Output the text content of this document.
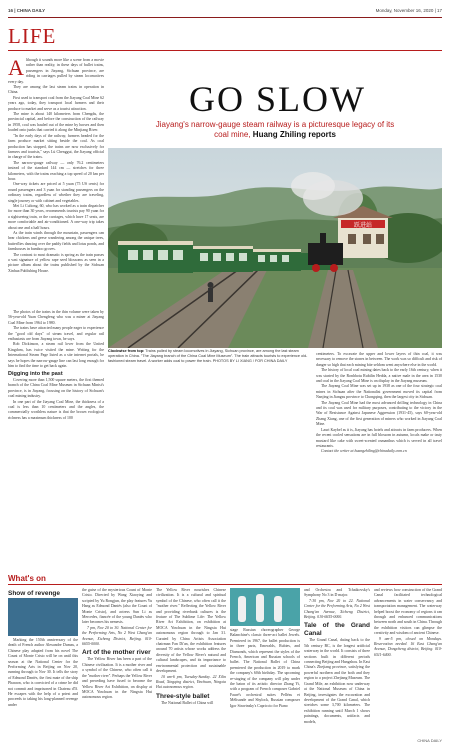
16 | CHINA DAILY	Monday, November 16, 2020 | 17
LIFE
A lthough it sounds more like a scene from a movie rather than reality, in these days of bullet trains, passengers in Jiayang, Sichuan province, are riding in carriages pulled by steam locomotives every day.

They are among the last steam trains in operation in China.

First used to transport coal from the Jiayang Coal Mine 62 years ago, today, they transport local farmers and their produce to market and serve as a tourist attraction.

The mine is about 140 kilometers from Chengdu, the provincial capital, and before the construction of the railway in 1958, coal was hauled out of the mine by horses and then loaded onto junks that carried it along the Minjiang River.

"In the early days of the railway, farmers headed for the farm produce market sitting beside the coal. As coal production has stopped, the trains are now exclusively for farmers and tourists," says Lü Chenggui, the Jiayang official in charge of the trains.

The narrow-gauge railway — only 76.2 centimeters instead of the standard 144 cm — stretches for three kilometers, with the trains reaching a top speed of 20 km per hour.

One-way tickets are priced at 5 yuan (75 US cents) for round passengers and 3 yuan for standing passengers on the ordinary trains, regardless of whether they are traveling, single journey or with cabinet and vegetables.

Mei Li Cultong, 60, who has worked as a train dispatcher for more than 30 years, recommends tourists pay 90 yuan for a sightseeing train, or the carriages, which have 17 seats, are more comfortable and air-conditioned. A one-way trip takes about one and a half hours.

As the train winds through the mountain, passengers can hear chickens and geese wandering among the unique trees, butterflies dancing over the paddy fields and lotus ponds, and farmhouses in bamboo groves.

The contrast to most dramatic is spring as the train passes a vast signature of yellow rape seed blossoms as seen in a picture album about the trains published by the Sichuan Xinhua Publishing House.

The photos of the trains in the thin volume were taken by 56-year-old Yuan Chengfeng who was a miner at Jiayang Coal Mine from 1964 to 1980.

The trains have attracted many people eager to experience the "good old days" of steam travel, and regular rail enthusiasts are from Jiayang town, he says.

Rob Dickinson, a steam rail lover from the United Kingdom, has twice visited the mine. Writing for the International Steam Page listed as a site internet portals, he says he hopes the narrow-gauge line can last long enough for him to find the time to get back again.

Digging into the past

Covering more than 1,500 square meters, the first themed branch of the China Coal Mine Museum in Sichuan Minist's province, is in Jiayang, focusing on the history of Sichuan's coal mining industry.

In one part of the Jiayang Coal Mine, the thickness of a coal is less than 10 centimeters and the angles, the commercially worthless nature is that the brown ecological richness has a maximum thickness of 100

GO SLOW
Jiayang's narrow-gauge steam railway is a picturesque legacy of its coal mine, Huang Zhiling reports
跃进站
Clockwise from top: Trains pulled by steam locomotives in Jiayang, Sichuan province, are among the last steam operation in China. "The Jiayang branch of the China Coal Mine Museum". The train attracts tourists to experience old-fashioned steam travel. A worker adds coal to power the train. PHOTOS BY LI XIANG / FOR CHINA DAILY

centimeters. To excavate the upper and lower layers of thin coal, it was necessary to remove the stones in between. The work was so difficult and risk of danger so high that each mining bite seldom went anywhere else in the world.

The history of local coal mining dates back to the early 16th century, when it was started by the Ronhhotu Rubilin Hedda, a native male in the area in 1530 and coal in the Jiayang Coal Mine is on display in the Jiayang museum.

The Jiayang Coal Mine was set up in 1938 as one of the four strategic coal mines in Sichuan after the Nationalist government moved its capital from Nanjing in Jiangsu province to Chongqing, then the largest city in Sichuan.

The Jiayang Coal Mine had the most advanced drilling technology in China and its coal was used for military purposes, contributing to the victory in the War of Resistance Against Japanese Aggression (1931-45), says 60-year-old Zhang Xiang, one of the first generation of miners who worked in Jiayang Coal Mine.

Lauri Kaybel as it is, Jiayang has hotels and attracts in farm producers. When the recent cooled sensations are in full blossom in autumn, locals make or tasty mustard like cake with sweet-scented osmanthus which is served in all travel restaurants.

Contact the writer at huangzhiling@chinadaily.com.cn

What's on

Show of revenge

Marking the 150th anniversary of the death of French author Alexandre Dumas, a Chinese play adapted from his novel The Count of Monte Cristo will be on until this season at the National Center for the Performing Arts in Beijing on Nov 20, running through to Nov 30. It tells the story of Edmond Dantès, the first mate of the ship Pharaon, who is convicted of a crime he did not commit and imprisoned in Chateau d'If. He escapes with the help of a priest and proceeds to taking his long-planned revenge under

the guise of the mysterious Count of Monte Cristo. Directed by Wang Xiaoying and scripted by Yu Rongjun, the play features Yu Hang as Edmond Dantès (also the Count of Monte Cristo), and actress Sun Li as Mercedes, fiancée of the young Dantès who later becomes his nemesis.

7 pm, Nov 20 to 30. National Center for the Performing Arts, No 2 West Chang'an Avenue, Xicheng District, Beijing. 010-6655-0000.

Art of the mother river

The Yellow River has been a part of the Chinese civilization. It is a mother river and a symbol of the Chinese, who often call it the "mother river". Perhaps the Yellow River and preceding have fused to become the Yellow River Art Exhibition, on display at MOCA Yinchuan in the Ningxia Hui autonomous region.

The Yellow River nourishes Chinese civilization. It is a cultural and spiritual symbol of the Chinese, who often call it the "mother river." Reflecting the Yellow River and providing riverbank cultures is the feature of The Sublime Life: The Yellow River Art Exhibition, on exhibition at MOCA Yinchuan in the Ningxia Hui autonomous region through to Jan 31. Curated by China Artists Association chairman Fan Di'an, the exhibition features around 70 artists whose works address the diversity of the Yellow River's natural and cultural landscapes, and its importance to environmental protection and sustainable development.

10 am-6 pm, Tuesday-Sunday. 22 Xilin Road, Xingqing district, Yinchuan, Ningxia Hui autonomous region.

Three-style ballet

The National Ballet of China will

stage Russian choreographer George Balanchine's classic three-act ballet Jewels. Premiered in 1967, the ballet production is in three parts, Emeralds, Rubies, and Diamonds, which represent the styles of the French, American and Russian schools of ballet. The National Ballet of China premiered the production in 2019 to mark the company's 60th birthday. The upcoming re-staging of the company will play under the baton of its artistic director Zhang Yi, with a program of French composer Gabriel Fauré's orchestral suites Pelléas et Mélisande and Shylock, Russian composer Igor Stravinsky's Capriccio for Piano

and Orchestra and Tchaikovsky's Symphony No 3 in D major.

7:30 pm, Nov 20 to 22. National Center for the Performing Arts, No 2 West Chang'an Avenue, Xicheng District, Beijing. 010-6655-0000.

Tale of the Grand Canal

The Grand Canal, dating back to the 5th century BC, is the longest artificial waterway in the world. It consists of three sections built in different periods connecting Beijing and Hangzhou. In East China's Zhejiang province, satisfying the powerful northern and the both and they region to a project Zhejiang Museum. The Grand Mile, an exhibition now underway at the National Museum of China in Beijing, investigates the excavation and development of the Grand Canal, which stretches some 3,700 kilometers. The exhibition running until March 1 shows paintings, documents, artifacts and models,

and reviews how construction of the Grand Canal facilitated technological advancements in water conservancy and transportation management. The waterway helped boost the economy of regions it ran through and enhanced communications between north and south in China. Through the exhibition visitors can glimpse the creativity and wisdom of ancient Chinese.

9 am-5 pm, closed on Mondays. Reservation needed. 16 East Chang'an Avenue, Dongcheng district, Beijing. 010-6511-6400.

CHINA DAILY
